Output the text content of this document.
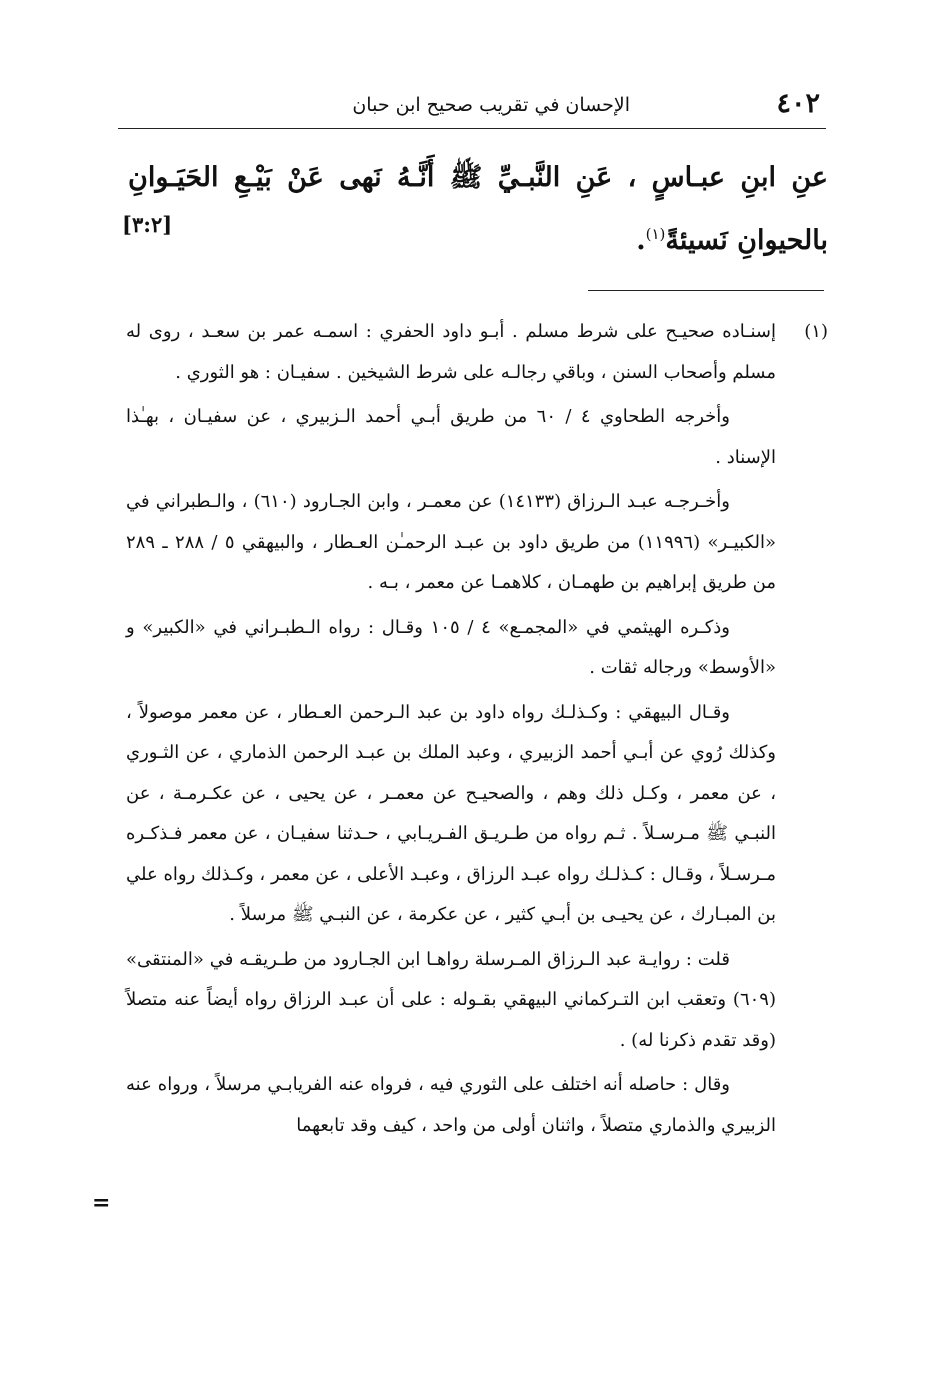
٤٠٢
الإحسان في تقريب صحيح ابن حبان
عنِ ابنِ عبـاسٍ ، عَنِ النَّبـيِّ ﷺ أَنَّـهُ نَهى عَنْ بَيْـعِ الحَيَـوانِ بالحيوانِ نَسيئةً$^{(١)}$.
[٣:٢]
(١)

إسنـاده صحيـح على شرط مسلم . أبـو داود الحفري : اسمـه عمر بن سعـد ، روى له مسلم وأصحاب السنن ، وباقي رجالـه على شرط الشيخين . سفيـان : هو الثوري .

وأخرجه الطحاوي ٤ / ٦٠ من طريق أبـي أحمد الـزبيري ، عن سفيـان ، بهـٰذا الإسناد .

وأخـرجـه عبـد الـرزاق (١٤١٣٣) عن معمـر ، وابن الجـارود (٦١٠) ، والـطبراني في «الكبيـر» (١١٩٩٦) من طريق داود بن عبـد الرحمـٰن العـطار ، والبيهقي ٥ / ٢٨٨ ـ ٢٨٩ من طريق إبراهيم بن طهمـان ، كلاهمـا عن معمر ، بـه .

وذكـره الهيثمي في «المجمـع» ٤ / ١٠٥ وقـال : رواه الـطبـراني في «الكبير» و «الأوسط» ورجاله ثقات .

وقـال البيهقي : وكـذلـك رواه داود بن عبد الـرحمن العـطار ، عن معمر موصولاً ، وكذلك رُوي عن أبـي أحمد الزبيري ، وعبد الملك بن عبـد الرحمن الذماري ، عن الثـوري ، عن معمر ، وكـل ذلك وهم ، والصحيـح عن معمـر ، عن يحيى ، عن عكـرمـة ، عن النبـي ﷺ مـرسـلاً . ثـم رواه من طـريـق الفـريـابي ، حـدثنا سفيـان ، عن معمر فـذكـره مـرسـلاً ، وقـال : كـذلـك رواه عبـد الرزاق ، وعبـد الأعلى ، عن معمر ، وكـذلك رواه علي بن المبـارك ، عن يحيـى بن أبـي كثير ، عن عكرمة ، عن النبـي ﷺ مرسلاً .

قلت : روايـة عبد الـرزاق المـرسلة رواهـا ابن الجـارود من طـريقـه في «المنتقى» (٦٠٩) وتعقب ابن التـركماني البيهقي بقـوله : على أن عبـد الرزاق رواه أيضاً عنه متصلاً (وقد تقدم ذكرنا له) .

وقال : حاصله أنه اختلف على الثوري فيه ، فرواه عنه الفريابـي مرسلاً ، ورواه عنه الزبيري والذماري متصلاً ، واثنان أولى من واحد ، كيف وقد تابعهما

=
